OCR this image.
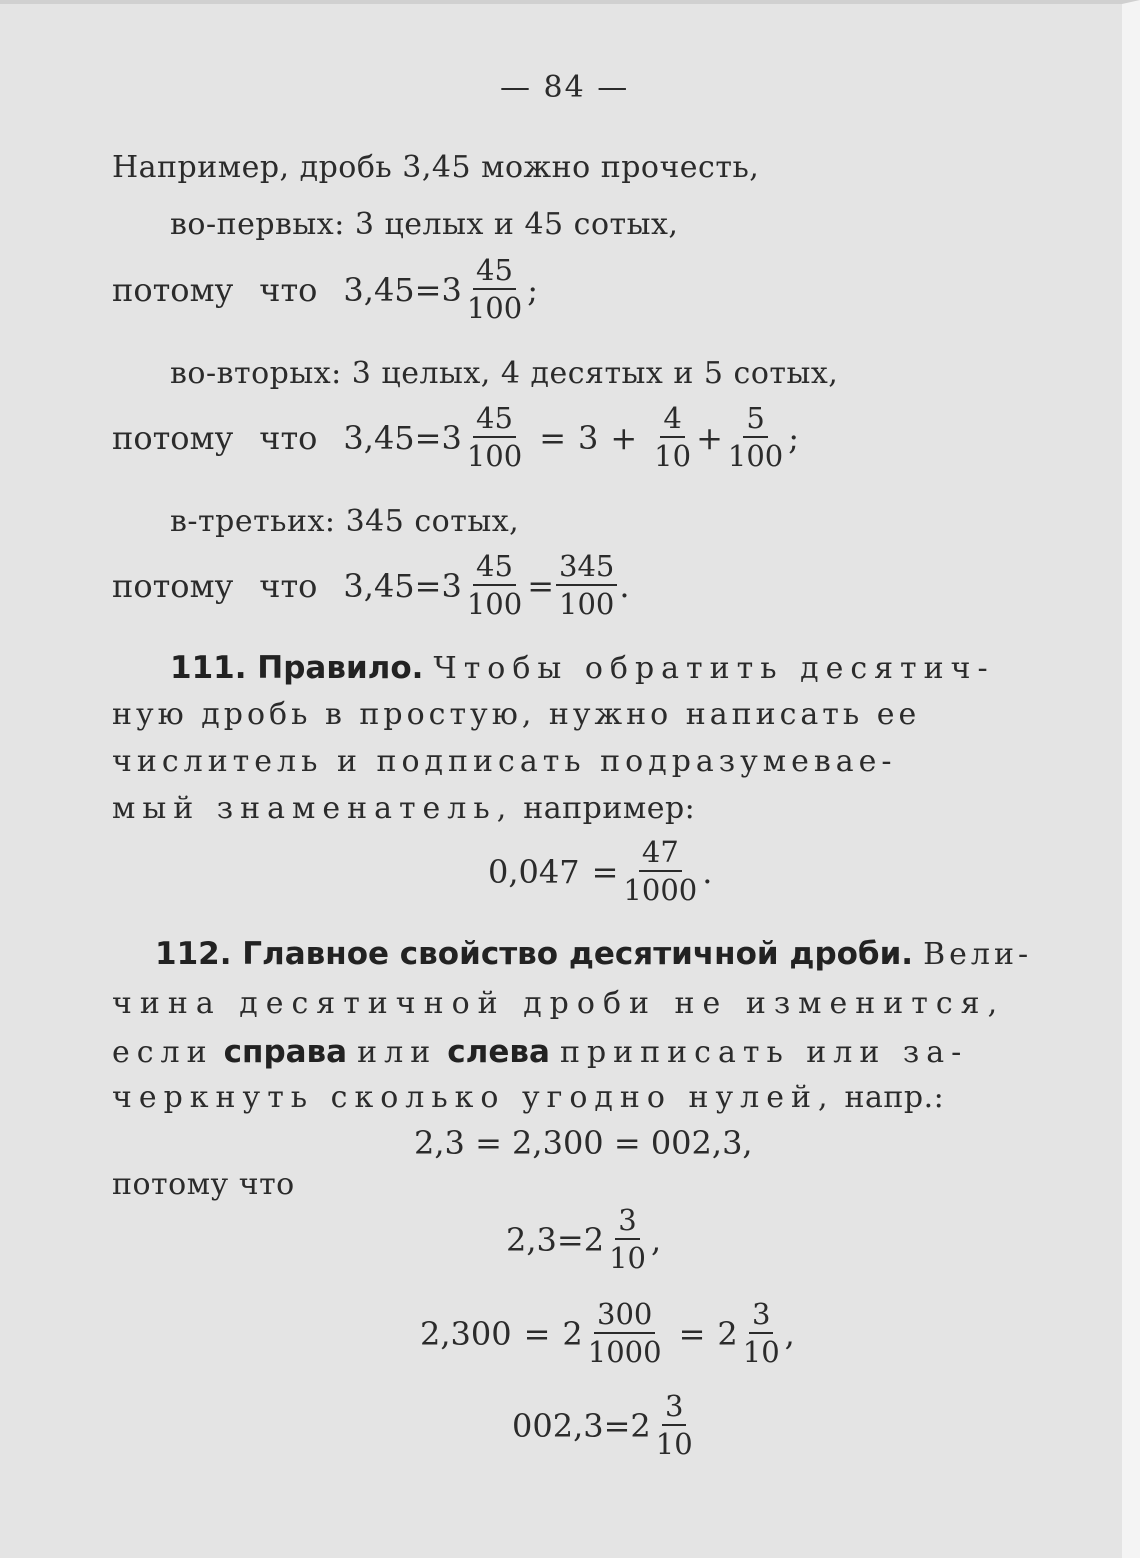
— 84 —
Например, дробь 3,45 можно прочесть,
во-первых: 3 целых и 45 сотых,
потому что $3,45 = 3 \frac{45}{100}$ ;
во-вторых: 3 целых, 4 десятых и 5 сотых,
потому что $3,45 = 3 \frac{45}{100} = 3 + \frac{4}{10} + \frac{5}{100}$ ;
в-третьих: 345 сотых,
потому что $3,45 = 3 \frac{45}{100} = \frac{345}{100}$ .
111. Правило. Чтобы обратить десятич-
ную дробь в простую, нужно написать ее
числитель и подписать подразумевае-
мый знаменатель, например:
$0,047 = \frac{47}{1000}$ .
112. Главное свойство десятичной дроби. Вели-
чина десятичной дроби не изменится,
если справа или слева приписать или за-
черкнуть сколько угодно нулей, напр.:
2,3 = 2,300 = 002,3,
потому что
$2,3 = 2 \frac{3}{10}$ ,
$2,300 = 2 \frac{300}{1000} = 2 \frac{3}{10}$ ,
$002,3 = 2 \frac{3}{10}$
